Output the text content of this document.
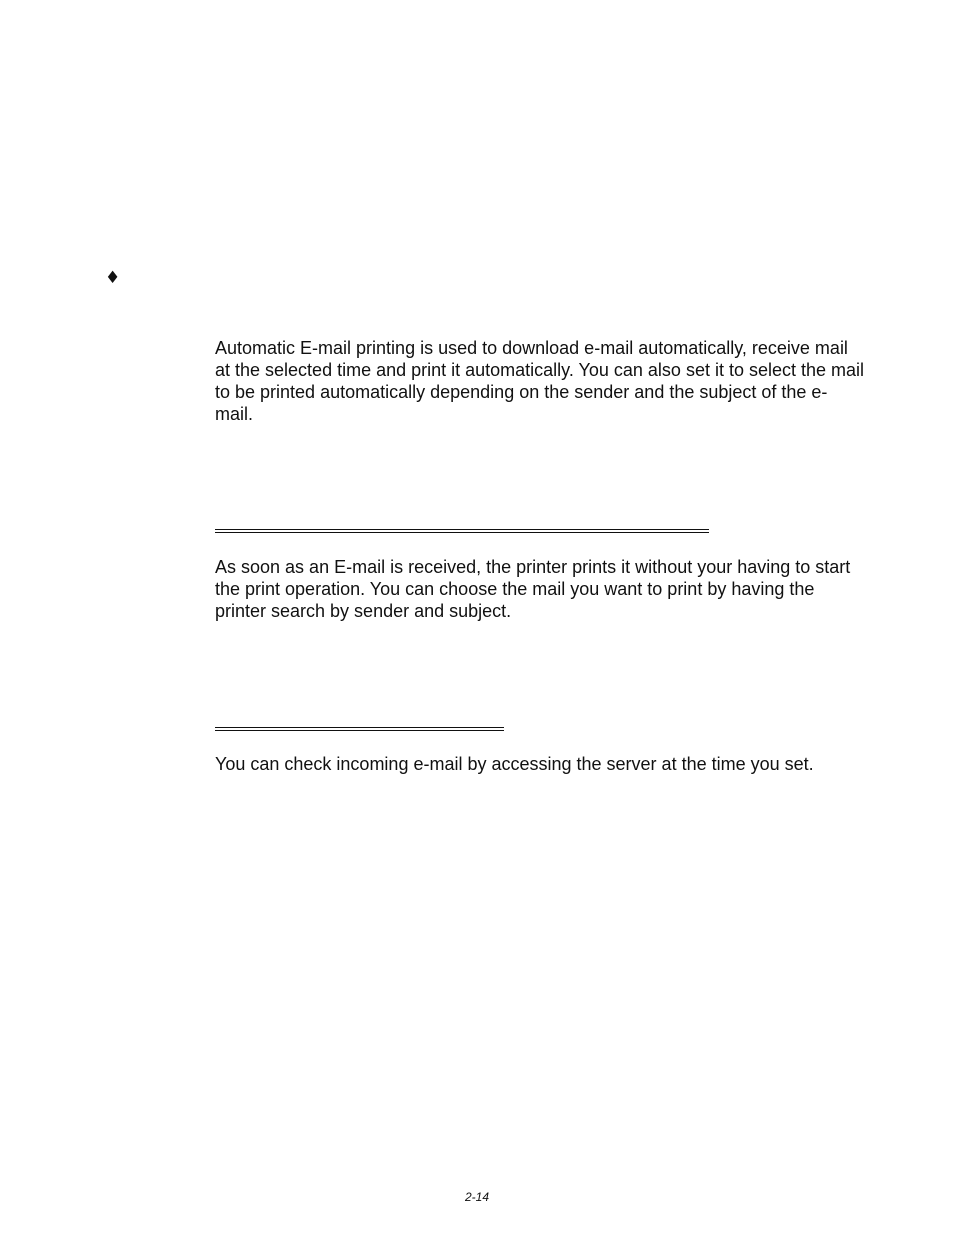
♦

Automatic E-mail printing is used to download e-mail automatically, receive mail at the selected time and print it automatically. You can also set it to select the mail to be printed automatically depending on the sender and the subject of the e-mail.

As soon as an E-mail is received, the printer prints it without your having to start the print operation. You can choose the mail you want to print by having the printer search by sender and subject.

You can check incoming e-mail by accessing the server at the time you set.

2-14
